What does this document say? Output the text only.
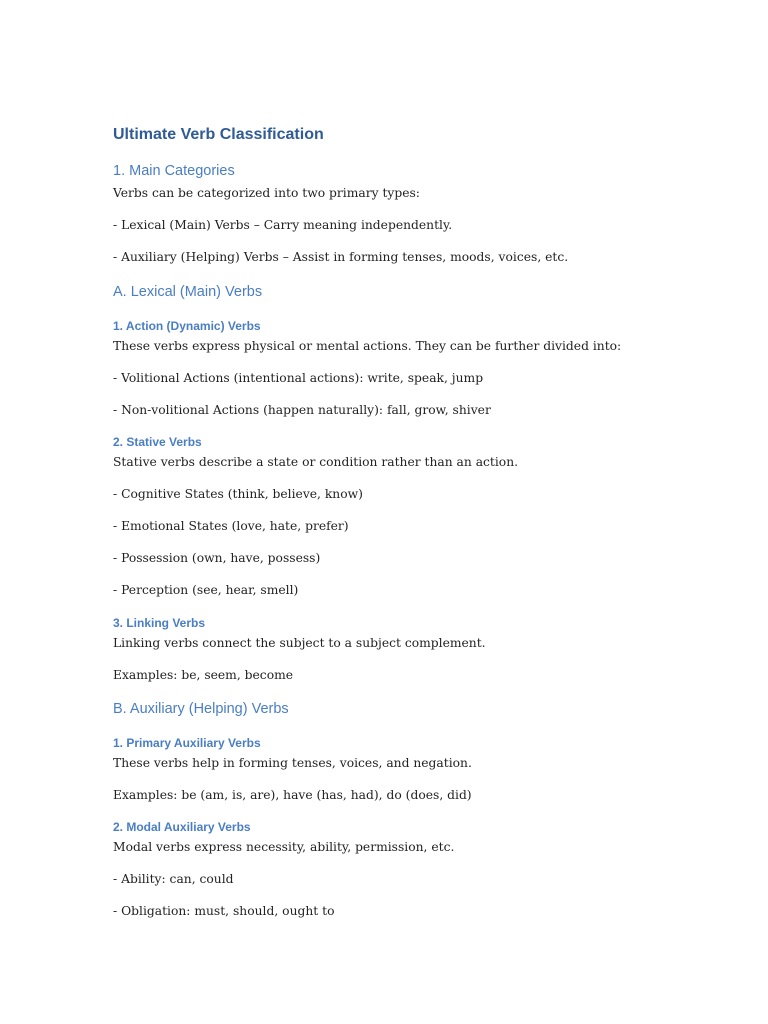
Ultimate Verb Classification
1. Main Categories
Verbs can be categorized into two primary types:
- Lexical (Main) Verbs – Carry meaning independently.
- Auxiliary (Helping) Verbs – Assist in forming tenses, moods, voices, etc.
A. Lexical (Main) Verbs
1. Action (Dynamic) Verbs
These verbs express physical or mental actions. They can be further divided into:
- Volitional Actions (intentional actions): write, speak, jump
- Non-volitional Actions (happen naturally): fall, grow, shiver
2. Stative Verbs
Stative verbs describe a state or condition rather than an action.
- Cognitive States (think, believe, know)
- Emotional States (love, hate, prefer)
- Possession (own, have, possess)
- Perception (see, hear, smell)
3. Linking Verbs
Linking verbs connect the subject to a subject complement.
Examples: be, seem, become
B. Auxiliary (Helping) Verbs
1. Primary Auxiliary Verbs
These verbs help in forming tenses, voices, and negation.
Examples: be (am, is, are), have (has, had), do (does, did)
2. Modal Auxiliary Verbs
Modal verbs express necessity, ability, permission, etc.
- Ability: can, could
- Obligation: must, should, ought to
